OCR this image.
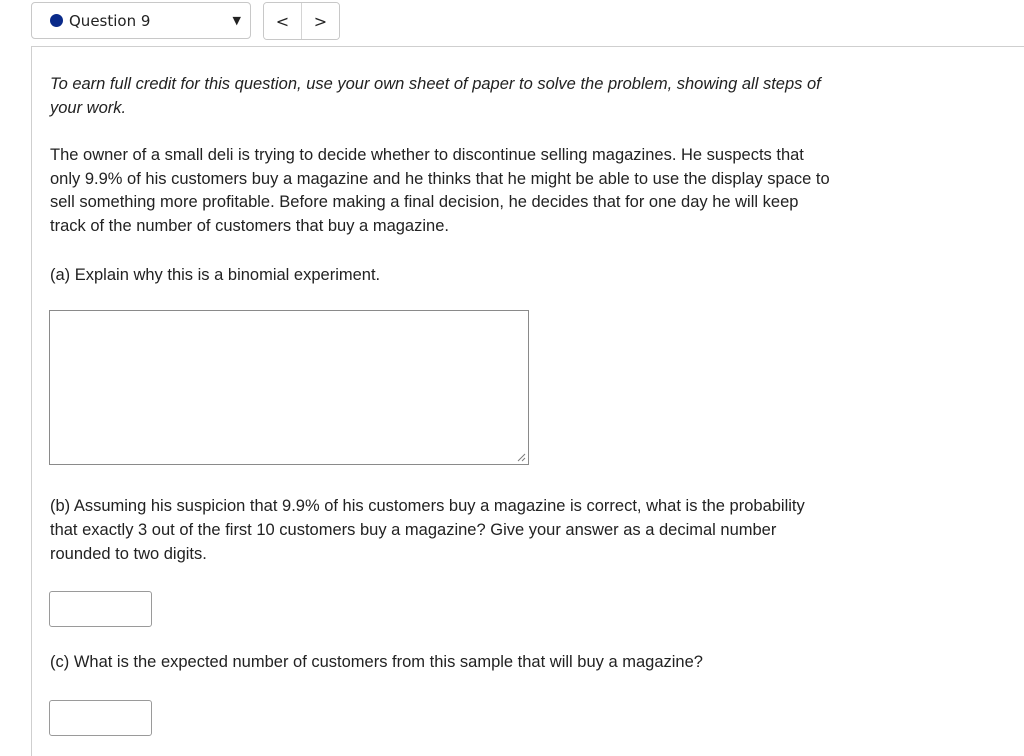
Question 9	▼	<	>

To earn full credit for this question, use your own sheet of paper to solve the problem, showing all steps of your work.

The owner of a small deli is trying to decide whether to discontinue selling magazines. He suspects that only 9.9% of his customers buy a magazine and he thinks that he might be able to use the display space to sell something more profitable. Before making a final decision, he decides that for one day he will keep track of the number of customers that buy a magazine.

(a) Explain why this is a binomial experiment.

(b) Assuming his suspicion that 9.9% of his customers buy a magazine is correct, what is the probability that exactly 3 out of the first 10 customers buy a magazine? Give your answer as a decimal number rounded to two digits.

(c) What is the expected number of customers from this sample that will buy a magazine?
